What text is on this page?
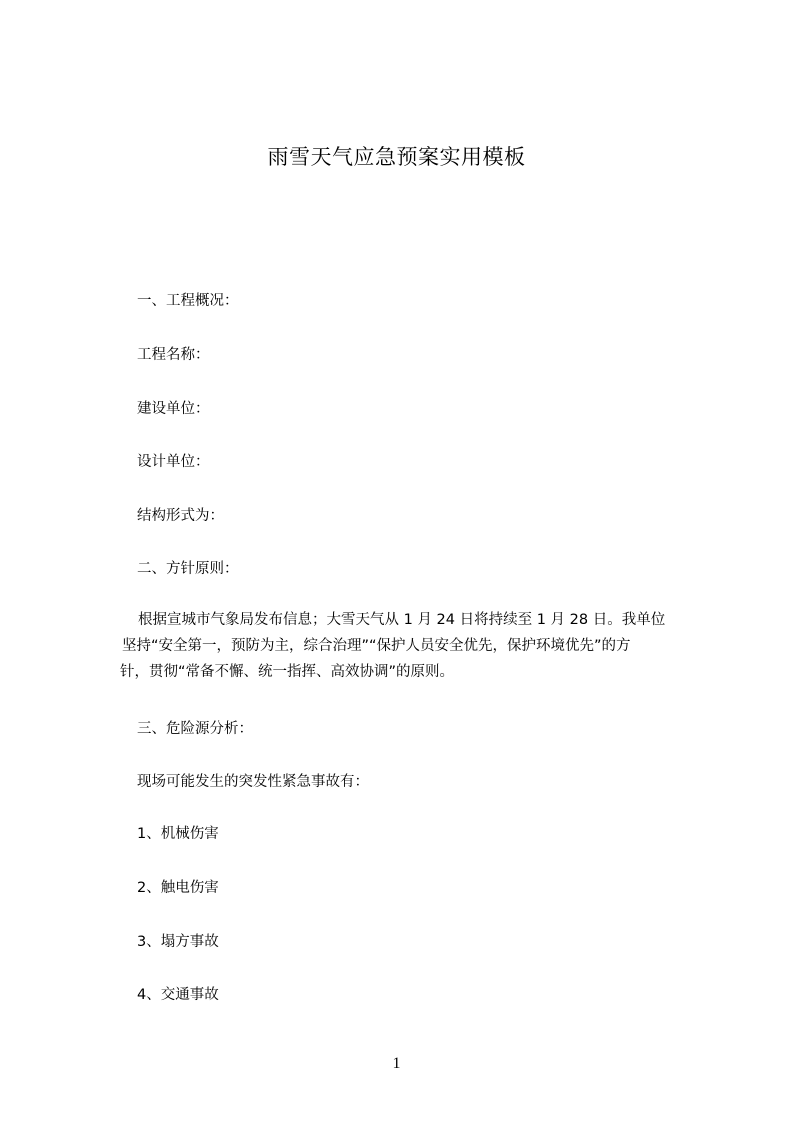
雨雪天气应急预案实用模板
一、工程概况：
工程名称：
建设单位：
设计单位：
结构形式为：
二、方针原则：
根据宣城市气象局发布信息；大雪天气从 1 月 24 日将持续至 1 月 28 日。我单位
坚持“安全第一，预防为主，综合治理”“保护人员安全优先，保护环境优先”的方
针，贯彻“常备不懈、统一指挥、高效协调”的原则。
三、危险源分析：
现场可能发生的突发性紧急事故有：
1、机械伤害
2、触电伤害
3、塌方事故
4、交通事故
1
